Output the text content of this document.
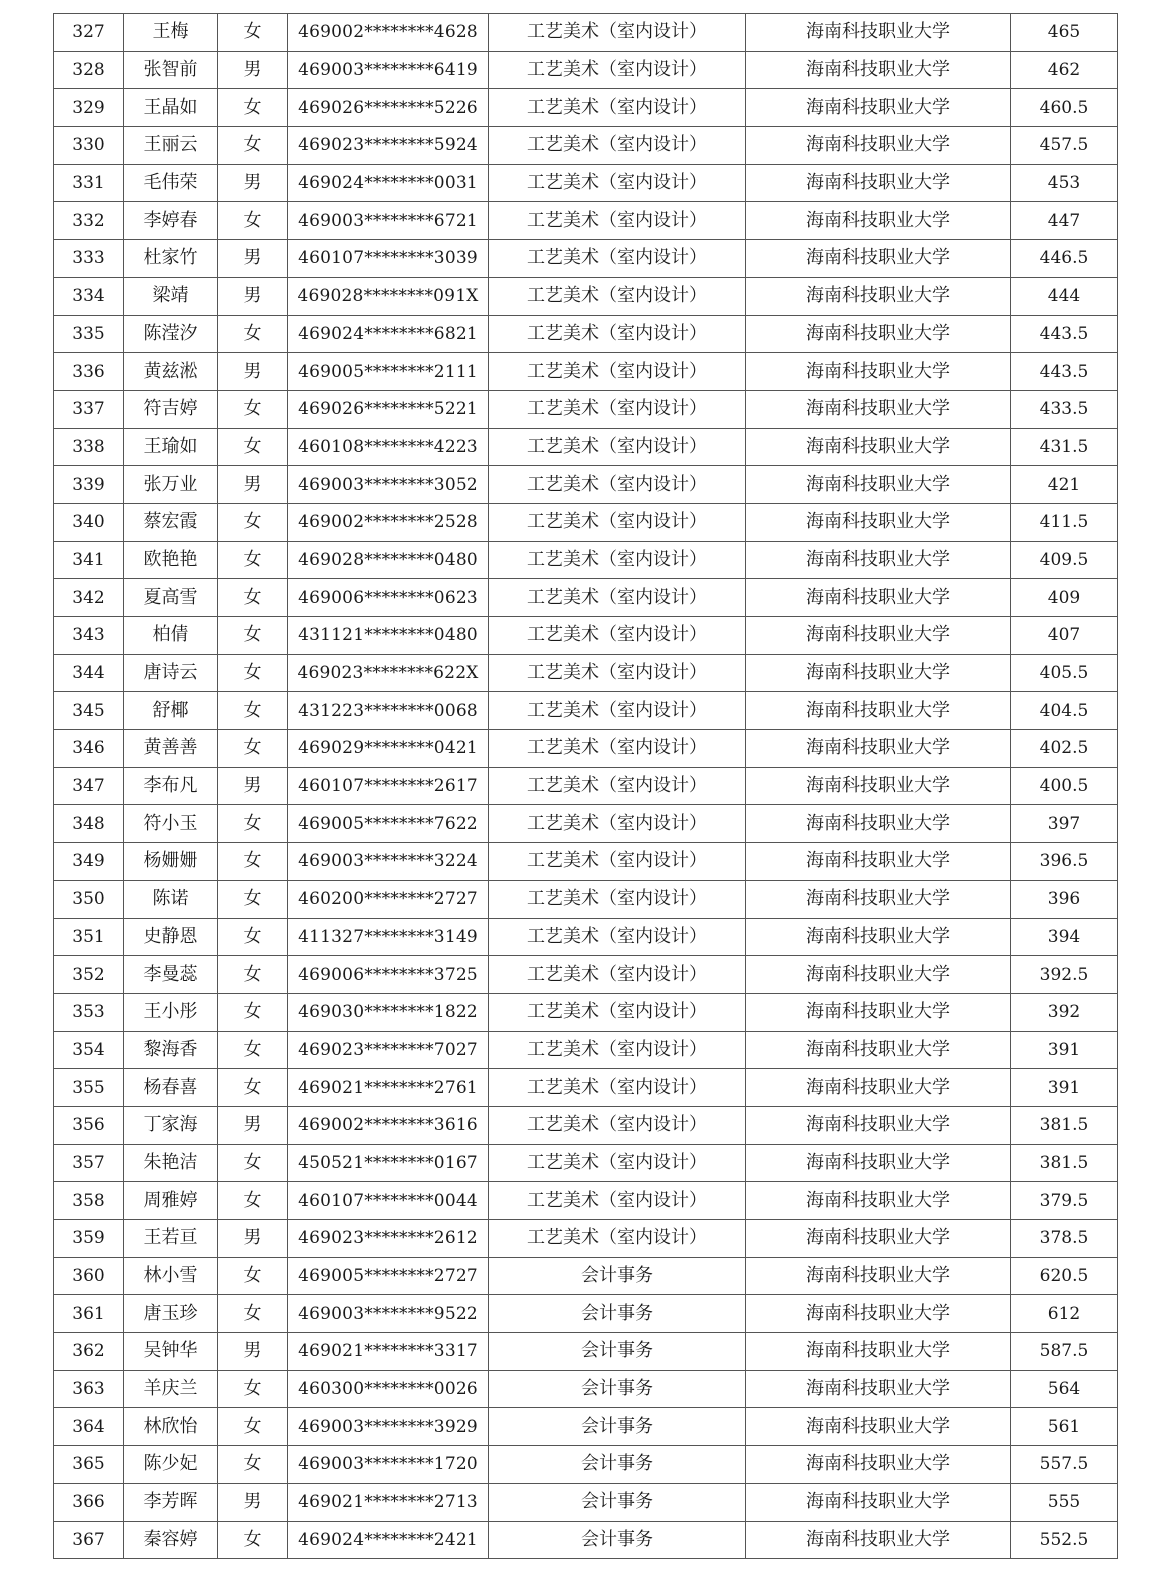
327	王梅	女	469002********4628	工艺美术（室内设计）	海南科技职业大学	465
328	张智前	男	469003********6419	工艺美术（室内设计）	海南科技职业大学	462
329	王晶如	女	469026********5226	工艺美术（室内设计）	海南科技职业大学	460.5
330	王丽云	女	469023********5924	工艺美术（室内设计）	海南科技职业大学	457.5
331	毛伟荣	男	469024********0031	工艺美术（室内设计）	海南科技职业大学	453
332	李婷春	女	469003********6721	工艺美术（室内设计）	海南科技职业大学	447
333	杜家竹	男	460107********3039	工艺美术（室内设计）	海南科技职业大学	446.5
334	梁靖	男	469028********091X	工艺美术（室内设计）	海南科技职业大学	444
335	陈滢汐	女	469024********6821	工艺美术（室内设计）	海南科技职业大学	443.5
336	黄兹淞	男	469005********2111	工艺美术（室内设计）	海南科技职业大学	443.5
337	符吉婷	女	469026********5221	工艺美术（室内设计）	海南科技职业大学	433.5
338	王瑜如	女	460108********4223	工艺美术（室内设计）	海南科技职业大学	431.5
339	张万业	男	469003********3052	工艺美术（室内设计）	海南科技职业大学	421
340	蔡宏霞	女	469002********2528	工艺美术（室内设计）	海南科技职业大学	411.5
341	欧艳艳	女	469028********0480	工艺美术（室内设计）	海南科技职业大学	409.5
342	夏高雪	女	469006********0623	工艺美术（室内设计）	海南科技职业大学	409
343	柏倩	女	431121********0480	工艺美术（室内设计）	海南科技职业大学	407
344	唐诗云	女	469023********622X	工艺美术（室内设计）	海南科技职业大学	405.5
345	舒椰	女	431223********0068	工艺美术（室内设计）	海南科技职业大学	404.5
346	黄善善	女	469029********0421	工艺美术（室内设计）	海南科技职业大学	402.5
347	李布凡	男	460107********2617	工艺美术（室内设计）	海南科技职业大学	400.5
348	符小玉	女	469005********7622	工艺美术（室内设计）	海南科技职业大学	397
349	杨姗姗	女	469003********3224	工艺美术（室内设计）	海南科技职业大学	396.5
350	陈诺	女	460200********2727	工艺美术（室内设计）	海南科技职业大学	396
351	史静恩	女	411327********3149	工艺美术（室内设计）	海南科技职业大学	394
352	李曼蕊	女	469006********3725	工艺美术（室内设计）	海南科技职业大学	392.5
353	王小彤	女	469030********1822	工艺美术（室内设计）	海南科技职业大学	392
354	黎海香	女	469023********7027	工艺美术（室内设计）	海南科技职业大学	391
355	杨春喜	女	469021********2761	工艺美术（室内设计）	海南科技职业大学	391
356	丁家海	男	469002********3616	工艺美术（室内设计）	海南科技职业大学	381.5
357	朱艳洁	女	450521********0167	工艺美术（室内设计）	海南科技职业大学	381.5
358	周雅婷	女	460107********0044	工艺美术（室内设计）	海南科技职业大学	379.5
359	王若亘	男	469023********2612	工艺美术（室内设计）	海南科技职业大学	378.5
360	林小雪	女	469005********2727	会计事务	海南科技职业大学	620.5
361	唐玉珍	女	469003********9522	会计事务	海南科技职业大学	612
362	吴钟华	男	469021********3317	会计事务	海南科技职业大学	587.5
363	羊庆兰	女	460300********0026	会计事务	海南科技职业大学	564
364	林欣怡	女	469003********3929	会计事务	海南科技职业大学	561
365	陈少妃	女	469003********1720	会计事务	海南科技职业大学	557.5
366	李芳晖	男	469021********2713	会计事务	海南科技职业大学	555
367	秦容婷	女	469024********2421	会计事务	海南科技职业大学	552.5
